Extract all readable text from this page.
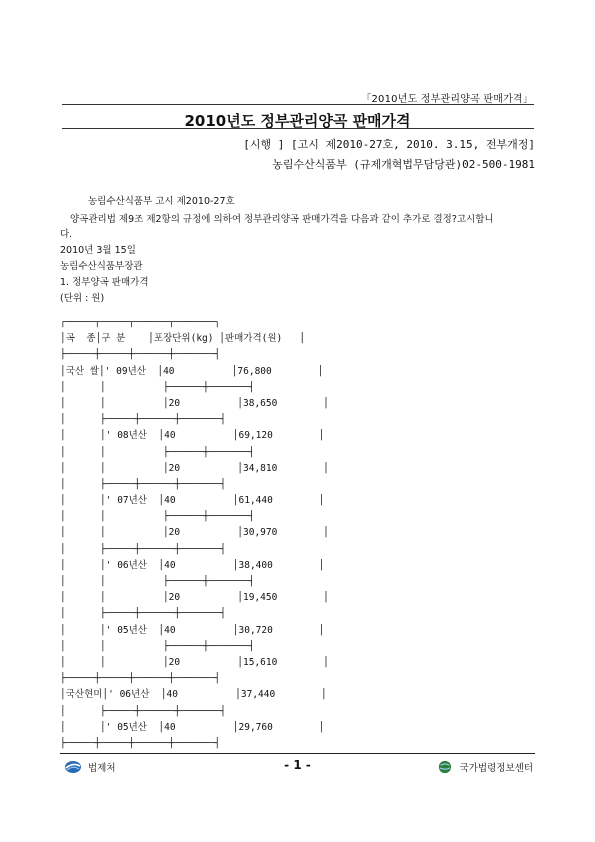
「2010년도 정부관리양곡 판매가격」
2010년도 정부관리양곡 판매가격
[시행 ] [고시 제2010-27호, 2010. 3.15, 전부개정]
농림수산식품부 (규제개혁법무담당관)02-500-1981
농림수산식품부 고시 제2010-27호
양곡관리법 제9조 제2항의 규정에 의하여 정부관리양곡 판매가격을 다음과 같이 추가로 결정?고시합니
다.
2010년 3월 15일
농림수산식품부장관
1. 정부양곡 판매가격
(단위 : 원)
┌─────┬─────┬──────┬───────┐
│곡  종│구 분    │포장단위(kg) │판매가격(원)   │
├─────┼─────┼──────┼───────┤
│국산 쌀│' 09년산  │40          │76,800        │
│      │          ├──────┼───────┤
│      │          │20          │38,650        │
│      ├─────┼──────┼───────┤
│      │' 08년산  │40          │69,120        │
│      │          ├──────┼───────┤
│      │          │20          │34,810        │
│      ├─────┼──────┼───────┤
│      │' 07년산  │40          │61,440        │
│      │          ├──────┼───────┤
│      │          │20          │30,970        │
│      ├─────┼──────┼───────┤
│      │' 06년산  │40          │38,400        │
│      │          ├──────┼───────┤
│      │          │20          │19,450        │
│      ├─────┼──────┼───────┤
│      │' 05년산  │40          │30,720        │
│      │          ├──────┼───────┤
│      │          │20          │15,610        │
├─────┼─────┼──────┼───────┤
│국산현미│' 06년산  │40          │37,440        │
│      ├─────┼──────┼───────┤
│      │' 05년산  │40          │29,760        │
├─────┼─────┼──────┼───────┤
법제처	- 1 -	국가법령정보센터
